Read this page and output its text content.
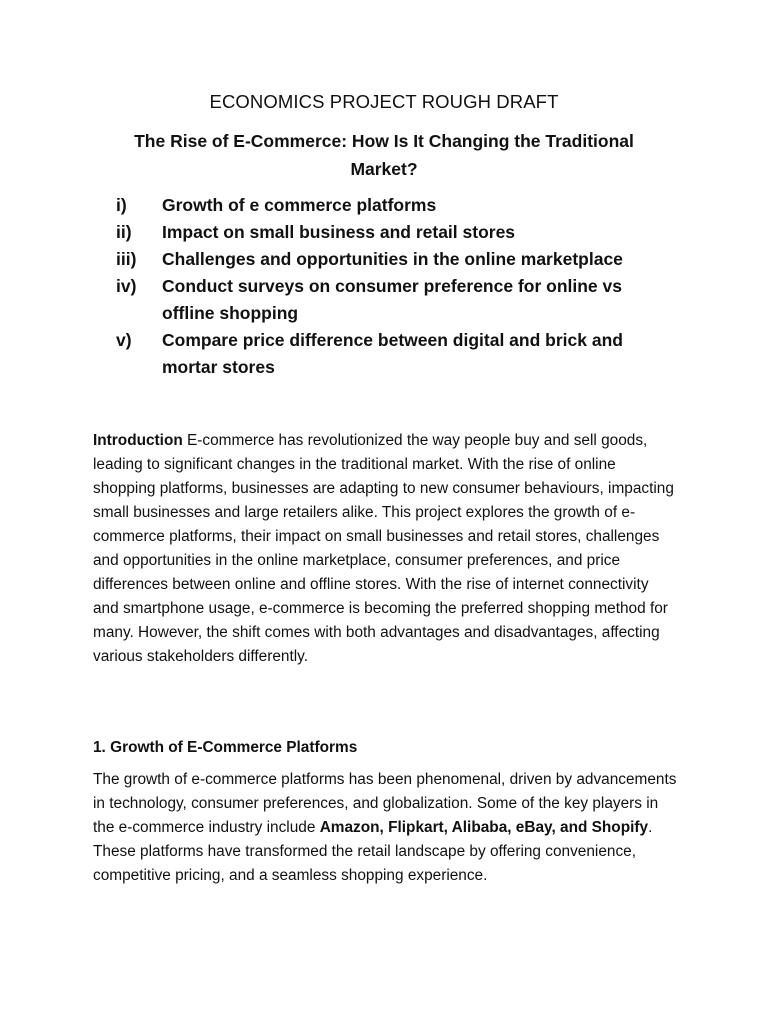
ECONOMICS PROJECT ROUGH DRAFT
The Rise of E-Commerce: How Is It Changing the Traditional Market?
i)	Growth of e commerce platforms
ii)	Impact on small business and retail stores
iii)	Challenges and opportunities in the online marketplace
iv)	Conduct surveys on consumer preference for online vs offline shopping
v)	Compare price difference between digital and brick and mortar stores

Introduction E-commerce has revolutionized the way people buy and sell goods, leading to significant changes in the traditional market. With the rise of online shopping platforms, businesses are adapting to new consumer behaviours, impacting small businesses and large retailers alike. This project explores the growth of e-commerce platforms, their impact on small businesses and retail stores, challenges and opportunities in the online marketplace, consumer preferences, and price differences between online and offline stores. With the rise of internet connectivity and smartphone usage, e-commerce is becoming the preferred shopping method for many. However, the shift comes with both advantages and disadvantages, affecting various stakeholders differently.

1. Growth of E-Commerce Platforms

The growth of e-commerce platforms has been phenomenal, driven by advancements in technology, consumer preferences, and globalization. Some of the key players in the e-commerce industry include Amazon, Flipkart, Alibaba, eBay, and Shopify. These platforms have transformed the retail landscape by offering convenience, competitive pricing, and a seamless shopping experience.
